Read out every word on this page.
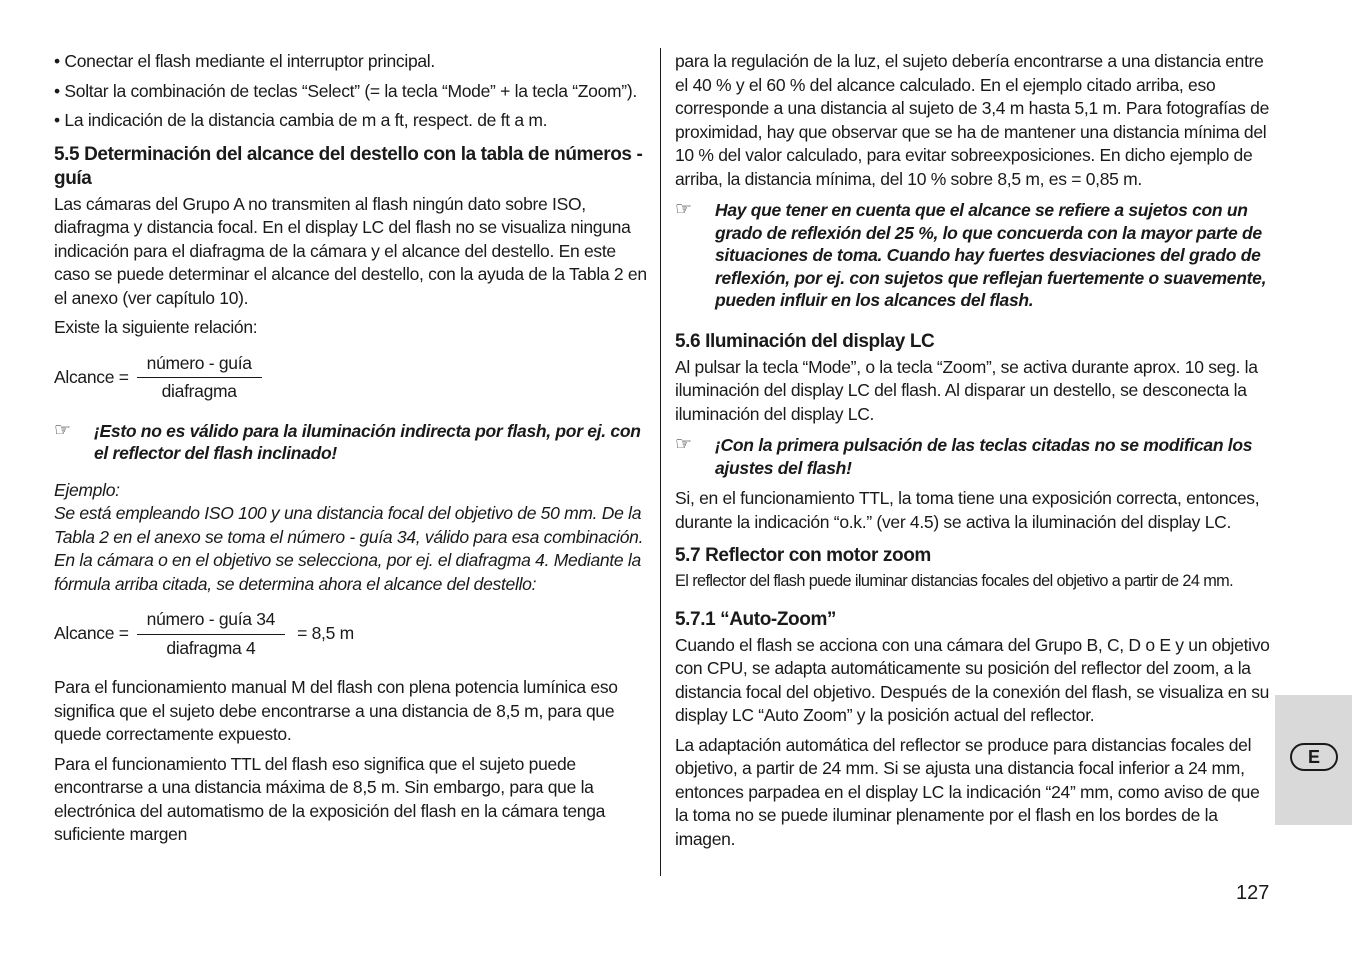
• Conectar el flash mediante el interruptor principal.

• Soltar la combinación de teclas “Select” (= la tecla “Mode” + la tecla “Zoom”).

• La indicación de la distancia cambia de m a ft, respect. de ft a m.

5.5 Determinación del alcance del destello con la tabla de números - guía

Las cámaras del Grupo A no transmiten al flash ningún dato sobre ISO, diafragma y distancia focal. En el display LC del flash no se visualiza ninguna indicación para el diafragma de la cámara y el alcance del destello. En este caso se puede determinar el alcance del destello, con la ayuda de la Tabla 2 en el anexo (ver capítulo 10).

Existe la siguiente relación:

Alcance = $\frac{\text{número - guía}}{\text{diafragma}}$
☞ ¡Esto no es válido para la iluminación indirecta por flash, por ej. con el reflector del flash inclinado!

Ejemplo:

Se está empleando ISO 100 y una distancia focal del objetivo de 50 mm. De la Tabla 2 en el anexo se toma el número - guía 34, válido para esa combinación. En la cámara o en el objetivo se selecciona, por ej. el diafragma 4. Mediante la fórmula arriba citada, se determina ahora el alcance del destello:

Alcance = $\frac{\text{número - guía 34}}{\text{diafragma 4}} = 8,5$ m

Para el funcionamiento manual M del flash con plena potencia lumínica eso significa que el sujeto debe encontrarse a una distancia de 8,5 m, para que quede correctamente expuesto.

Para el funcionamiento TTL del flash eso significa que el sujeto puede encontrarse a una distancia máxima de 8,5 m. Sin embargo, para que la electrónica del automatismo de la exposición del flash en la cámara tenga suficiente margen

para la regulación de la luz, el sujeto debería encontrarse a una distancia entre el 40 % y el 60 % del alcance calculado. En el ejemplo citado arriba, eso corresponde a una distancia al sujeto de 3,4 m hasta 5,1 m. Para fotografías de proximidad, hay que observar que se ha de mantener una distancia mínima del 10 % del valor calculado, para evitar sobreexposiciones. En dicho ejemplo de arriba, la distancia mínima, del 10 % sobre 8,5 m, es = 0,85 m.

☞ Hay que tener en cuenta que el alcance se refiere a sujetos con un grado de reflexión del 25 %, lo que concuerda con la mayor parte de situaciones de toma. Cuando hay fuertes desviaciones del grado de reflexión, por ej. con sujetos que reflejan fuertemente o suavemente, pueden influir en los alcances del flash.
5.6 Iluminación del display LC

Al pulsar la tecla “Mode”, o la tecla “Zoom”, se activa durante aprox. 10 seg. la iluminación del display LC del flash. Al disparar un destello, se desconecta la iluminación del display LC.

☞ ¡Con la primera pulsación de las teclas citadas no se modifican los ajustes del flash!

Si, en el funcionamiento TTL, la toma tiene una exposición correcta, entonces, durante la indicación “o.k.” (ver 4.5) se activa la iluminación del display LC.

5.7 Reflector con motor zoom

El reflector del flash puede iluminar distancias focales del objetivo a partir de 24 mm.

5.7.1 “Auto-Zoom”

Cuando el flash se acciona con una cámara del Grupo B, C, D o E y un objetivo con CPU, se adapta automáticamente su posición del reflector del zoom, a la distancia focal del objetivo. Después de la conexión del flash, se visualiza en su display LC “Auto Zoom” y la posición actual del reflector.

La adaptación automática del reflector se produce para distancias focales del objetivo, a partir de 24 mm. Si se ajusta una distancia focal inferior a 24 mm, entonces parpadea en el display LC la indicación “24” mm, como aviso de que la toma no se puede iluminar plenamente por el flash en los bordes de la imagen.

E
127
